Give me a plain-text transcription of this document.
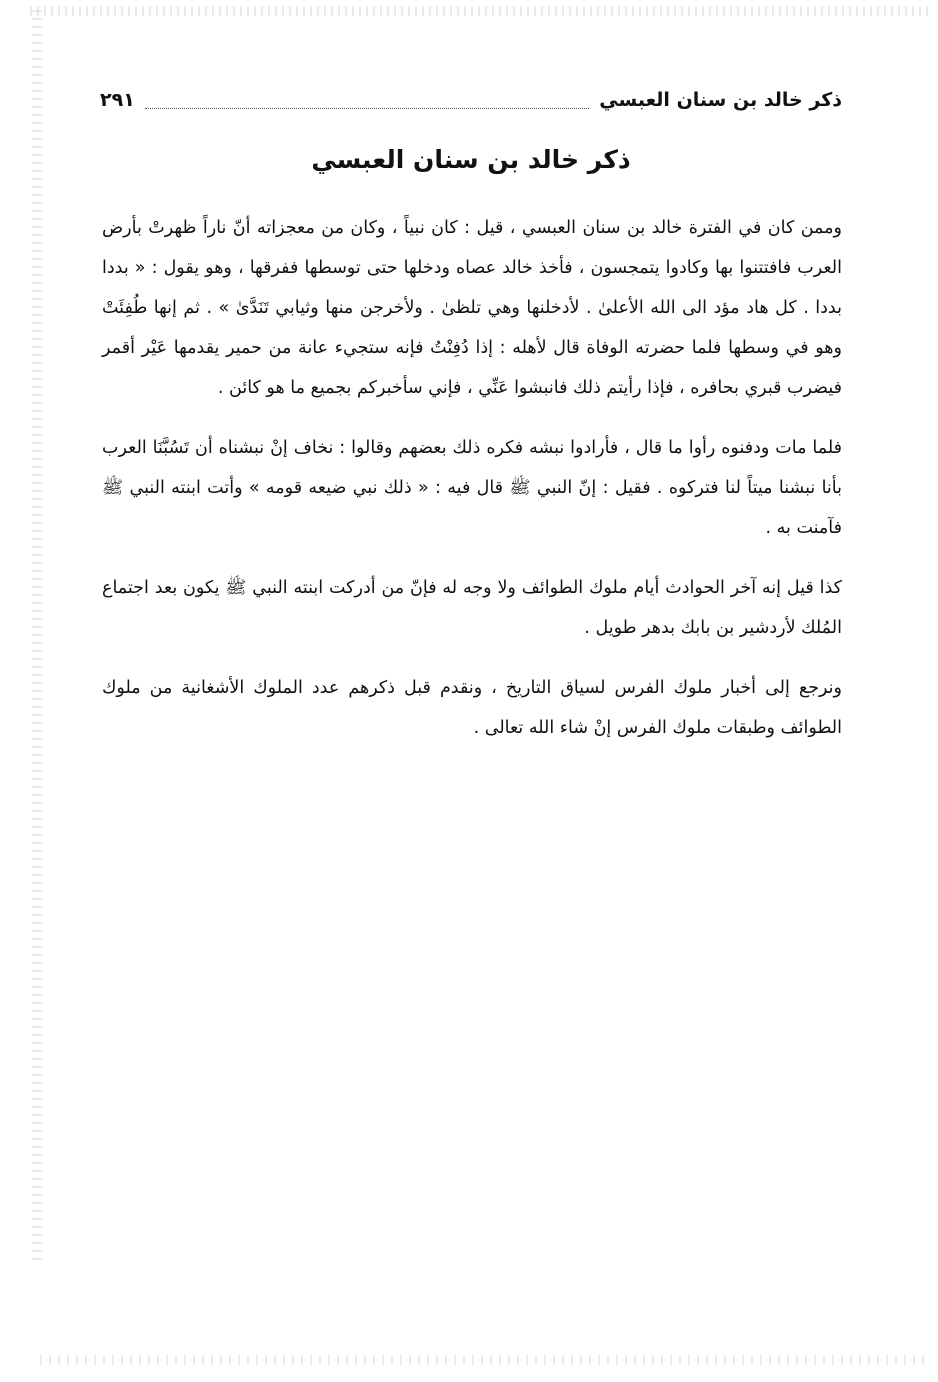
ذكر خالد بن سنان العبسي
٢٩١
ذكر خالد بن سنان العبسي

وممن كان في الفترة خالد بن سنان العبسي ، قيل : كان نبياً ، وكان من معجزاته أنّ ناراً ظهرتْ بأرض العرب فافتتنوا بها وكادوا يتمجسون ، فأخذ خالد عصاه ودخلها حتى توسطها ففرقها ، وهو يقول : « بددا بددا . كل هاد مؤد الى الله الأعلىٰ . لأدخلنها وهي تلظىٰ . ولأخرجن منها وثيابي تَنَدَّىٰ » . ثم إنها طُفِئَتْ وهو في وسطها فلما حضرته الوفاة قال لأهله : إذا دُفِنْتُ فإنه ستجيء عانة من حمير يقدمها عَيْر أقمر فيضرب قبري بحافره ، فإذا رأيتم ذلك فانبشوا عَنِّي ، فإني سأخبركم بجميع ما هو كائن .

فلما مات ودفنوه رأوا ما قال ، فأرادوا نبشه فكره ذلك بعضهم وقالوا : نخاف إنْ نبشناه أن تَسُبَّنَا العرب بأنا نبشنا ميتاً لنا فتركوه . فقيل : إنّ النبي ﷺ قال فيه : « ذلك نبي ضيعه قومه » وأتت ابنته النبي ﷺ فآمنت به .

كذا قيل إنه آخر الحوادث أيام ملوك الطوائف ولا وجه له فإنّ من أدركت ابنته النبي ﷺ يكون بعد اجتماع المُلك لأردشير بن بابك بدهر طويل .

ونرجع إلى أخبار ملوك الفرس لسياق التاريخ ، ونقدم قبل ذكرهم عدد الملوك الأشغانية من ملوك الطوائف وطبقات ملوك الفرس إنْ شاء الله تعالى .
